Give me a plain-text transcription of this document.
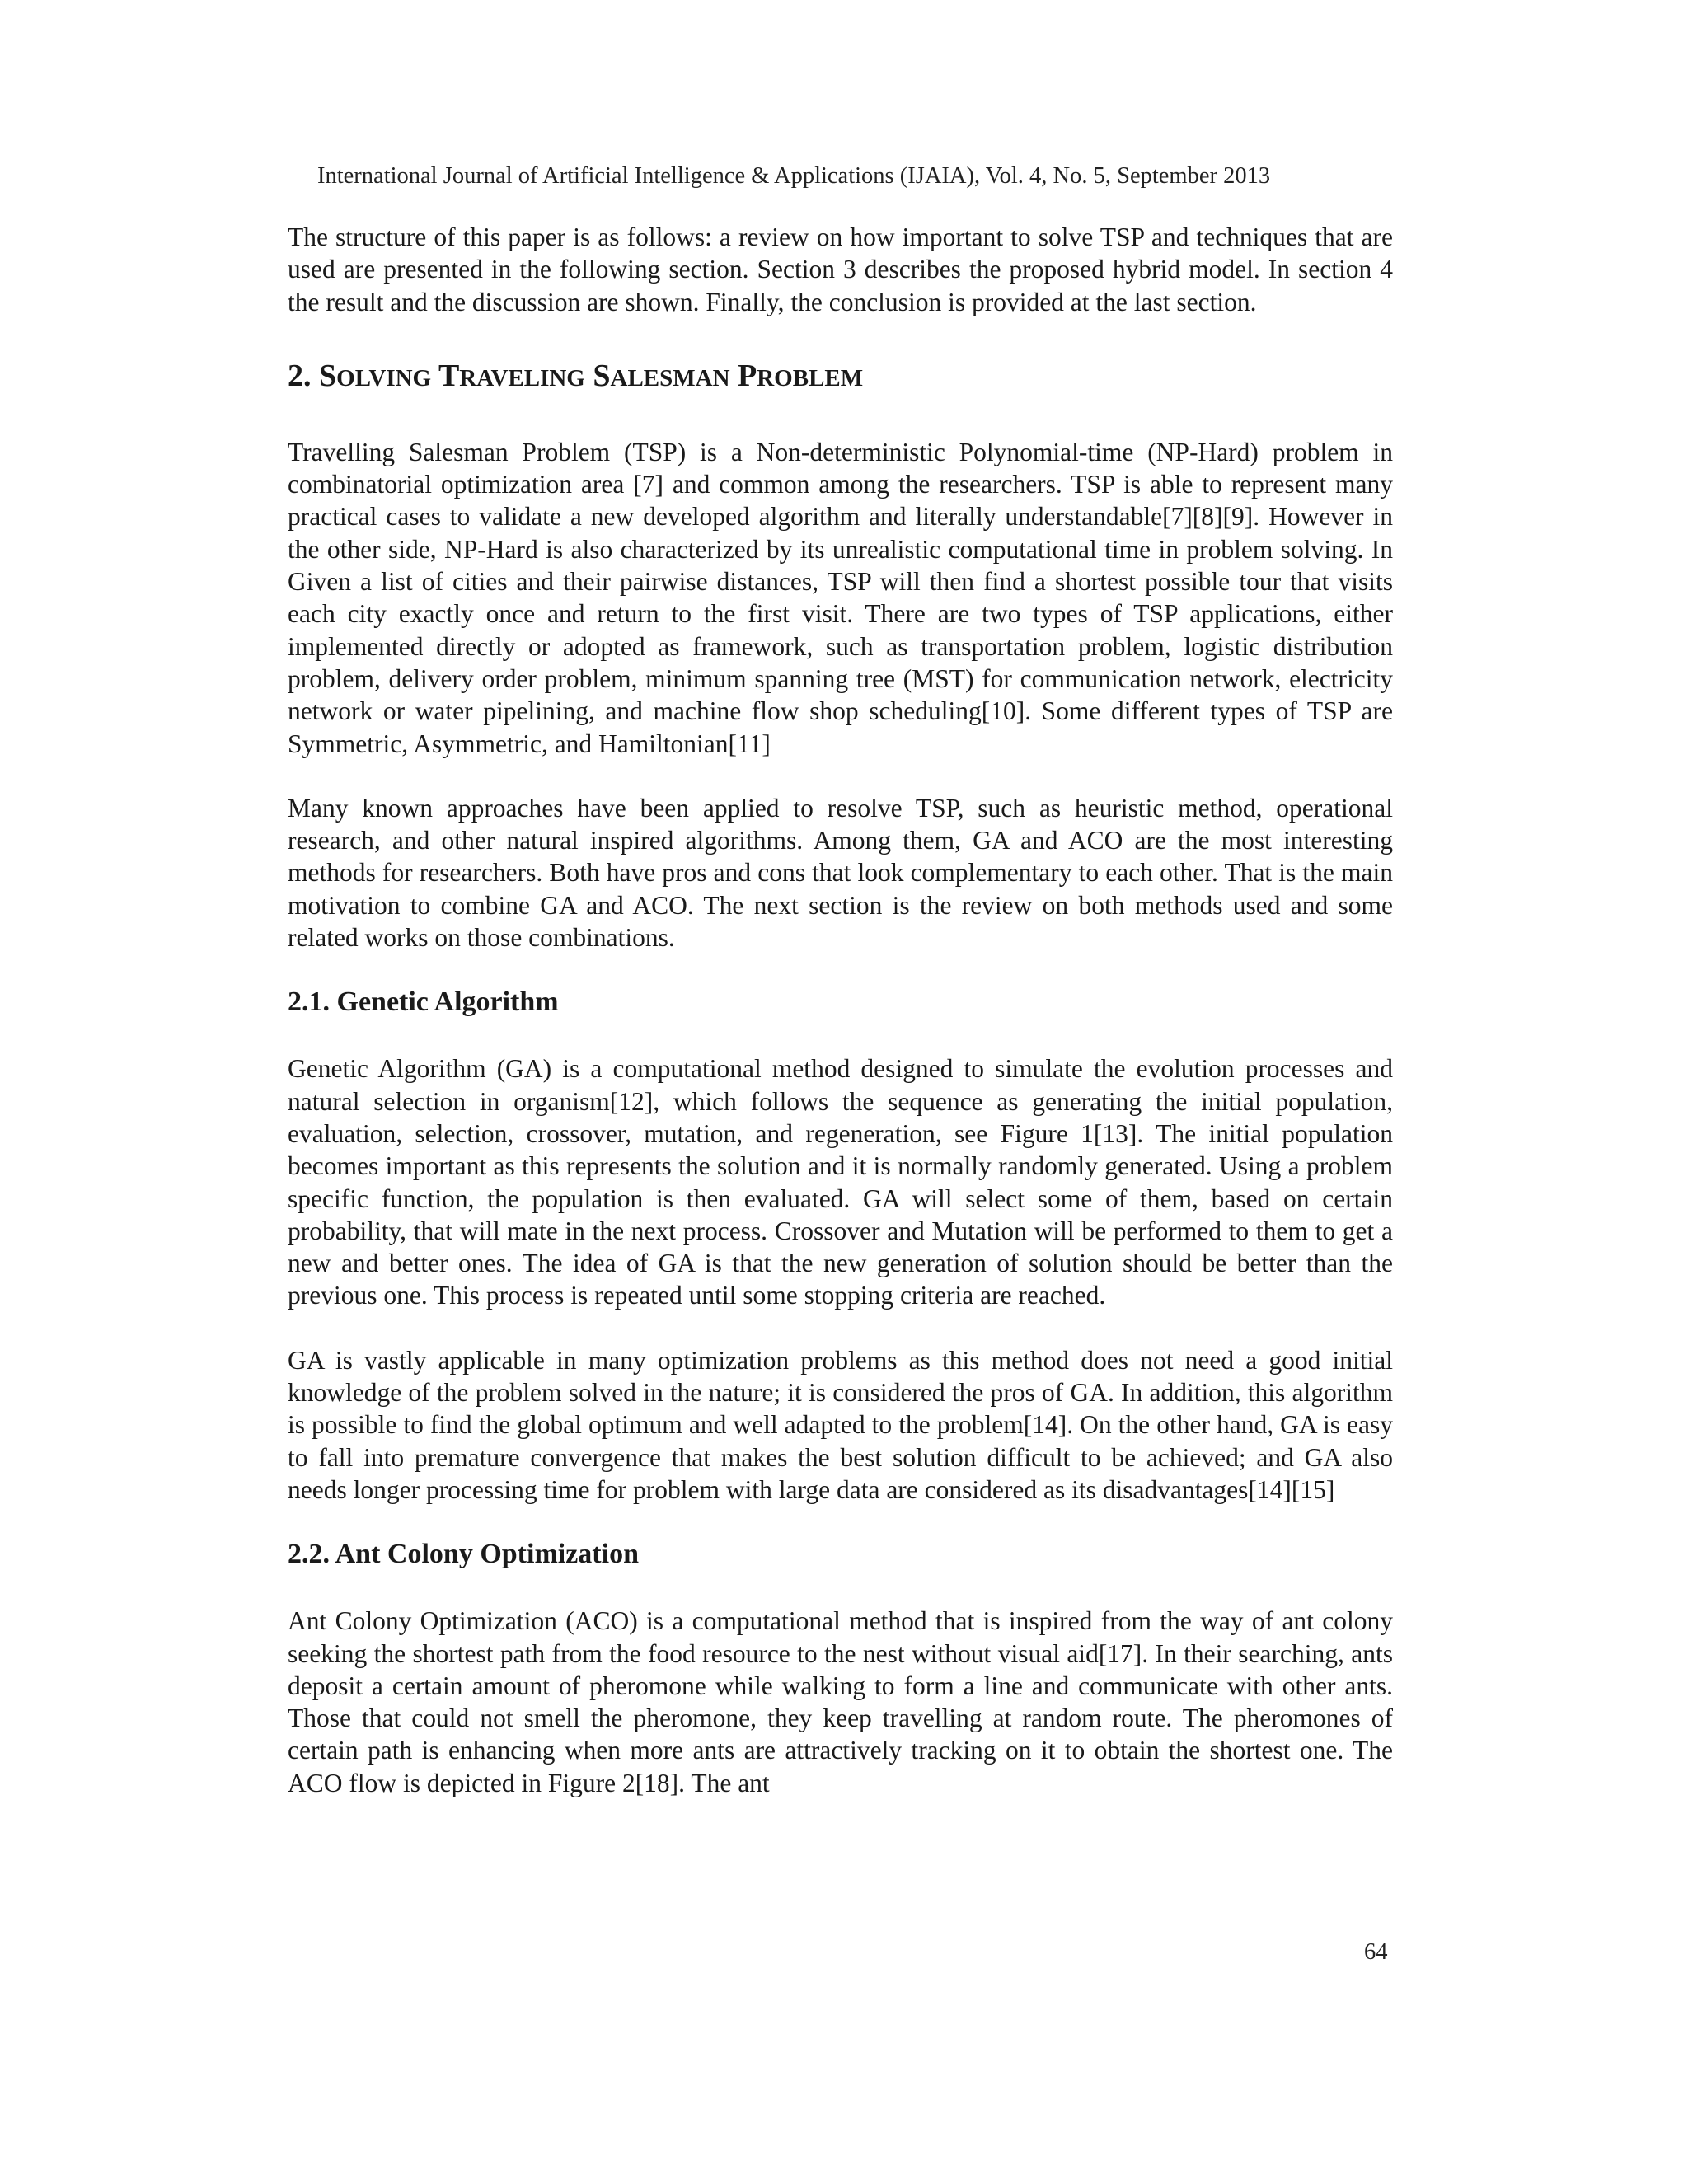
International Journal of Artificial Intelligence & Applications (IJAIA), Vol. 4, No. 5, September 2013

The structure of this paper is as follows: a review on how important to solve TSP and techniques that are used are presented in the following section. Section 3 describes the proposed hybrid model. In section 4 the result and the discussion are shown. Finally, the conclusion is provided at the last section.

2. SOLVING TRAVELING SALESMAN PROBLEM

Travelling Salesman Problem (TSP) is a Non-deterministic Polynomial-time (NP-Hard) problem in combinatorial optimization area [7] and common among the researchers. TSP is able to represent many practical cases to validate a new developed algorithm and literally understandable[7][8][9]. However in the other side, NP-Hard is also characterized by its unrealistic computational time in problem solving. In Given a list of cities and their pairwise distances, TSP will then find a shortest possible tour that visits each city exactly once and return to the first visit. There are two types of TSP applications, either implemented directly or adopted as framework, such as transportation problem, logistic distribution problem, delivery order problem, minimum spanning tree (MST) for communication network, electricity network or water pipelining, and machine flow shop scheduling[10]. Some different types of TSP are Symmetric, Asymmetric, and Hamiltonian[11]

Many known approaches have been applied to resolve TSP, such as heuristic method, operational research, and other natural inspired algorithms. Among them, GA and ACO are the most interesting methods for researchers. Both have pros and cons that look complementary to each other. That is the main motivation to combine GA and ACO. The next section is the review on both methods used and some related works on those combinations.

2.1. Genetic Algorithm

Genetic Algorithm (GA) is a computational method designed to simulate the evolution processes and natural selection in organism[12], which follows the sequence as generating the initial population, evaluation, selection, crossover, mutation, and regeneration, see Figure 1[13]. The initial population becomes important as this represents the solution and it is normally randomly generated. Using a problem specific function, the population is then evaluated. GA will select some of them, based on certain probability, that will mate in the next process. Crossover and Mutation will be performed to them to get a new and better ones. The idea of GA is that the new generation of solution should be better than the previous one. This process is repeated until some stopping criteria are reached.

GA is vastly applicable in many optimization problems as this method does not need a good initial knowledge of the problem solved in the nature; it is considered the pros of GA. In addition, this algorithm is possible to find the global optimum and well adapted to the problem[14]. On the other hand, GA is easy to fall into premature convergence that makes the best solution difficult to be achieved; and GA also needs longer processing time for problem with large data are considered as its disadvantages[14][15]

2.2. Ant Colony Optimization

Ant Colony Optimization (ACO) is a computational method that is inspired from the way of ant colony seeking the shortest path from the food resource to the nest without visual aid[17]. In their searching, ants deposit a certain amount of pheromone while walking to form a line and communicate with other ants. Those that could not smell the pheromone, they keep travelling at random route. The pheromones of certain path is enhancing when more ants are attractively tracking on it to obtain the shortest one. The ACO flow is depicted in Figure 2[18]. The ant

64
